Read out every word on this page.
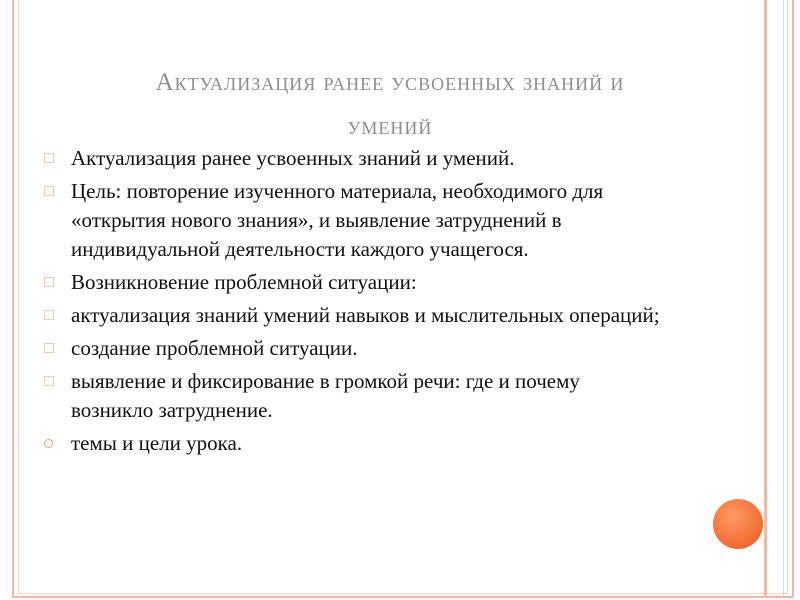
Актуализация ранее усвоенных знаний и
умений
Актуализация ранее усвоенных знаний и умений.
Цель: повторение изученного материала, необходимого для «открытия нового знания», и выявление затруднений в индивидуальной деятельности каждого учащегося.
Возникновение проблемной ситуации:
актуализация знаний умений навыков и мыслительных операций;
создание проблемной ситуации.
выявление и фиксирование в громкой речи: где и почему возникло затруднение.
темы и цели урока.
